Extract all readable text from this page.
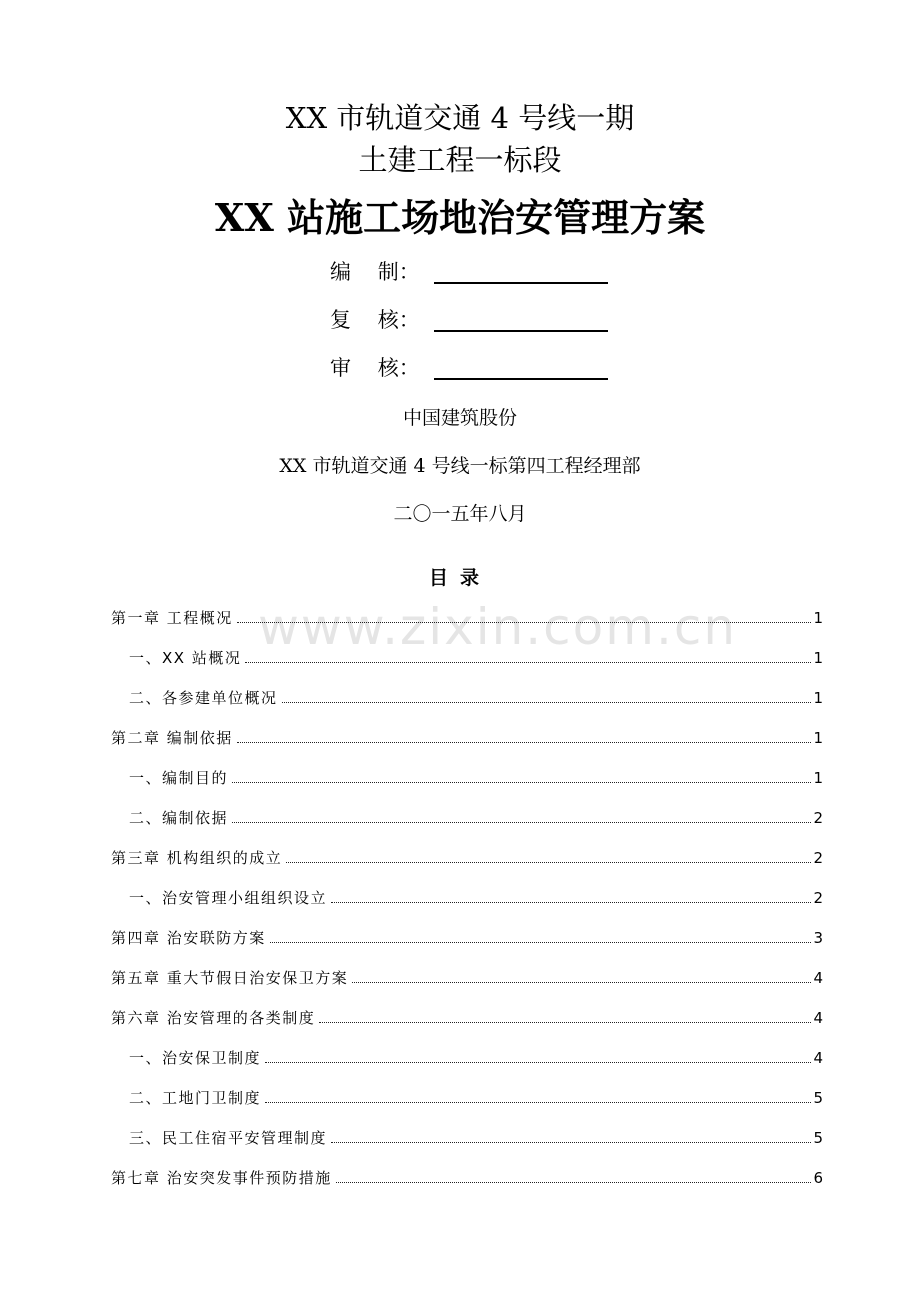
XX 市轨道交通 4 号线一期
土建工程一标段
XX 站施工场地治安管理方案
编    制：
复    核：
审    核：
中国建筑股份
XX 市轨道交通 4 号线一标第四工程经理部
二〇一五年八月
目录
www.zixin.com.cn
第一章 工程概况	1
一、XX 站概况	1
二、各参建单位概况	1
第二章 编制依据	1
一、编制目的	1
二、编制依据	2
第三章 机构组织的成立	2
一、治安管理小组组织设立	2
第四章 治安联防方案	3
第五章 重大节假日治安保卫方案	4
第六章 治安管理的各类制度	4
一、治安保卫制度	4
二、工地门卫制度	5
三、民工住宿平安管理制度	5
第七章 治安突发事件预防措施	6
